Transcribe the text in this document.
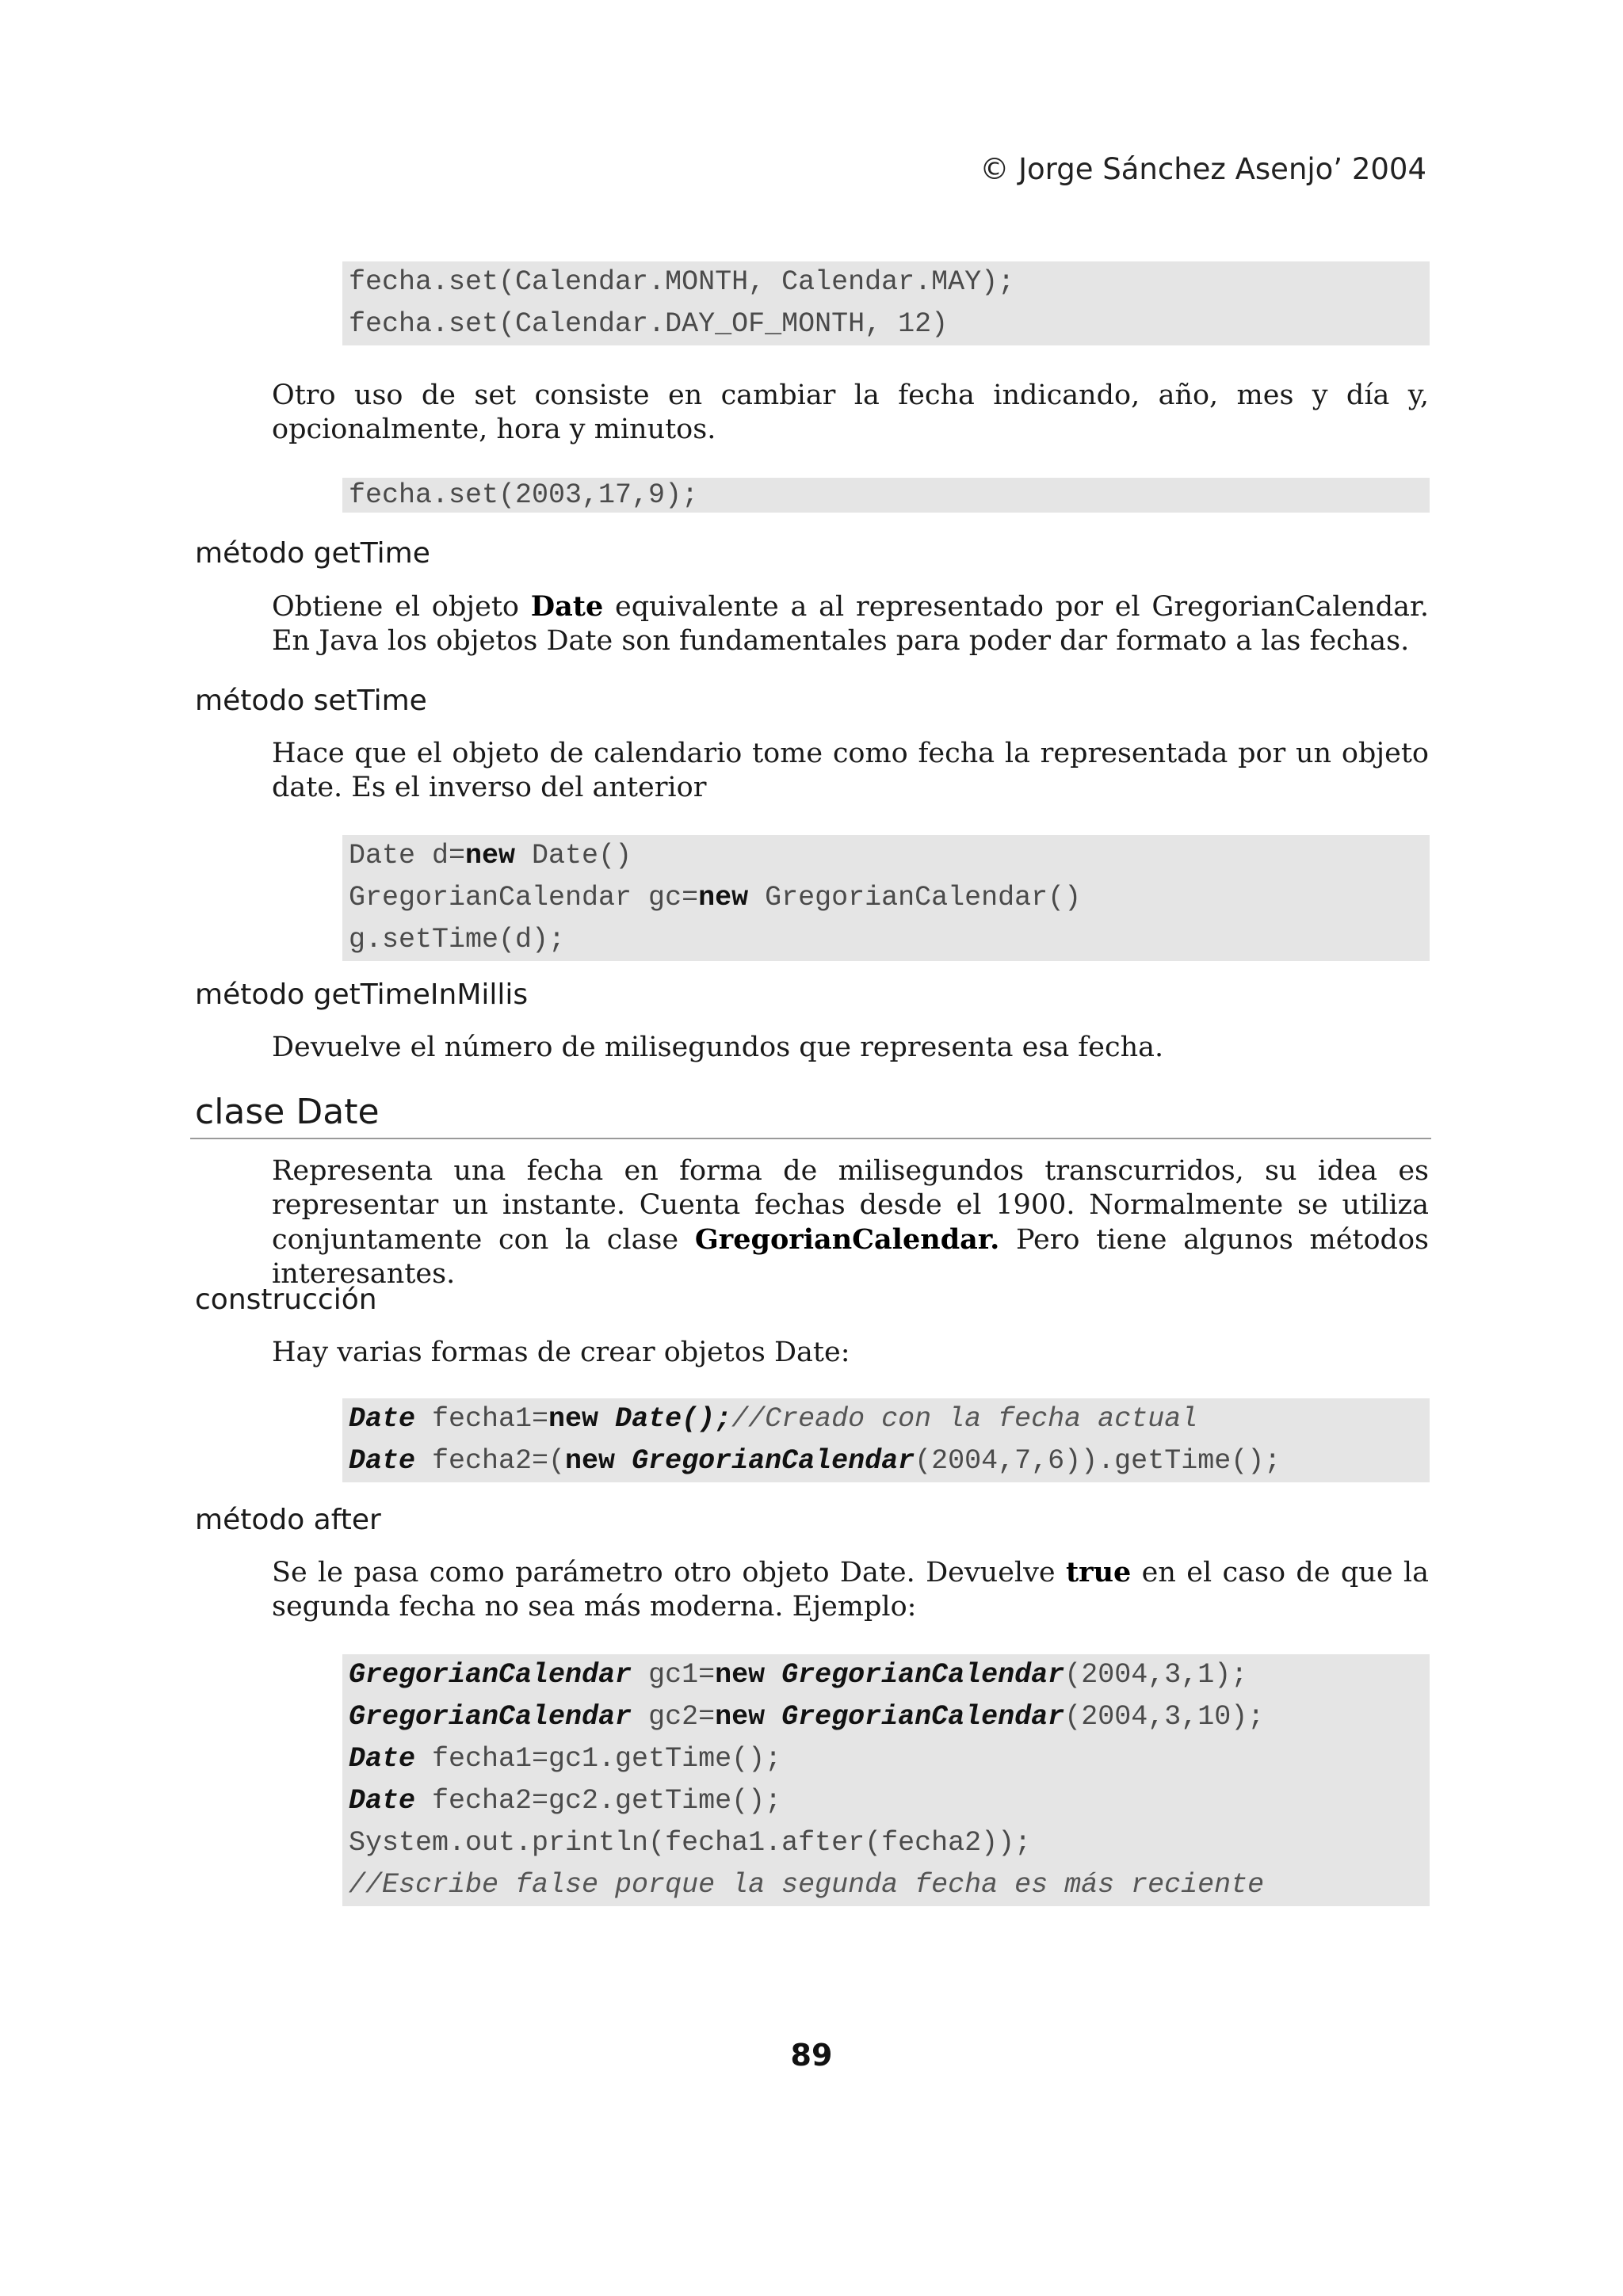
© Jorge Sánchez Asenjo’ 2004
fecha.set(Calendar.MONTH, Calendar.MAY);
fecha.set(Calendar.DAY_OF_MONTH, 12)
Otro uso de set consiste en cambiar la fecha indicando, año, mes y día y, opcionalmente, hora y minutos.
fecha.set(2003,17,9);
método getTime
Obtiene el objeto Date equivalente a al representado por el GregorianCalendar. En Java los objetos Date son fundamentales para poder dar formato a las fechas.
método setTime
Hace que el objeto de calendario tome como fecha la representada por un objeto date. Es el inverso del anterior
Date d=new Date()
GregorianCalendar gc=new GregorianCalendar()
g.setTime(d);
método getTimeInMillis
Devuelve el número de milisegundos que representa esa fecha.
clase Date
Representa una fecha en forma de milisegundos transcurridos, su idea es representar un instante. Cuenta fechas desde el 1900. Normalmente se utiliza conjuntamente con la clase GregorianCalendar. Pero tiene algunos métodos interesantes.
construcción
Hay varias formas de crear objetos Date:
Date fecha1=new Date();//Creado con la fecha actual
Date fecha2=(new GregorianCalendar(2004,7,6)).getTime();
método after
Se le pasa como parámetro otro objeto Date. Devuelve true en el caso de que la segunda fecha no sea más moderna. Ejemplo:
GregorianCalendar gc1=new GregorianCalendar(2004,3,1);
GregorianCalendar gc2=new GregorianCalendar(2004,3,10);
Date fecha1=gc1.getTime();
Date fecha2=gc2.getTime();
System.out.println(fecha1.after(fecha2));
//Escribe false porque la segunda fecha es más reciente
89
